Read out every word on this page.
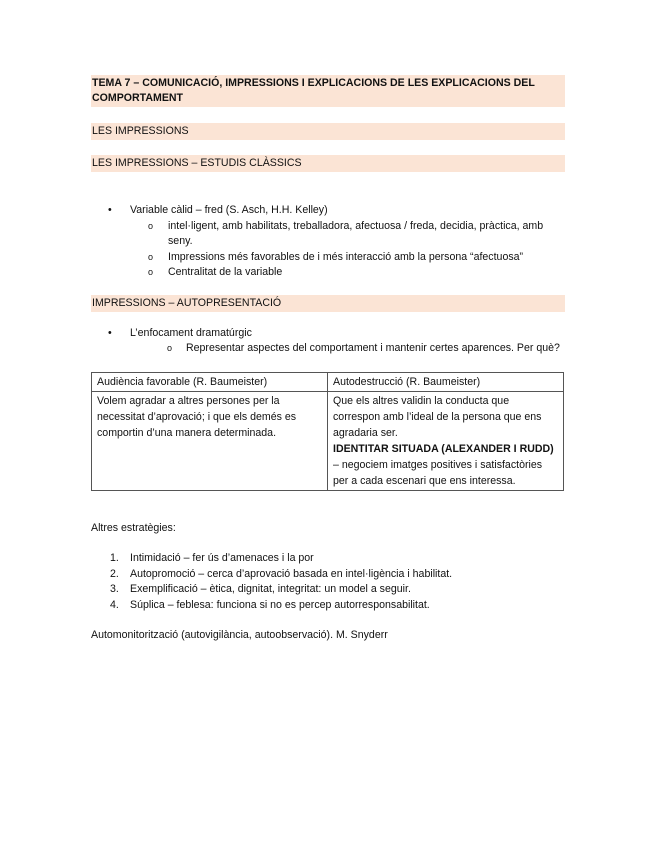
TEMA 7 – COMUNICACIÓ, IMPRESSIONS I EXPLICACIONS DE LES EXPLICACIONS DEL COMPORTAMENT
LES IMPRESSIONS
LES IMPRESSIONS – ESTUDIS CLÀSSICS
• Variable càlid – fred (S. Asch, H.H. Kelley)
o intel·ligent, amb habilitats, treballadora, afectuosa / freda, decidia, pràctica, amb seny.
o Impressions més favorables de i més interacció amb la persona “afectuosa”
o Centralitat de la variable
IMPRESSIONS – AUTOPRESENTACIÓ
• L’enfocament dramatúrgic
o Representar aspectes del comportament i mantenir certes aparences. Per què?
Audiència favorable (R. Baumeister)	Autodestrucció (R. Baumeister)
Volem agradar a altres persones per la necessitat d’aprovació; i que els demés es comportin d’una manera determinada.	Que els altres validin la conducta que correspon amb l’ideal de la persona que ens agradaria ser.
IDENTITAR SITUADA (ALEXANDER I RUDD)
– negociem imatges positives i satisfactòries per a cada escenari que ens interessa.
Altres estratègies:
1. Intimidació – fer ús d’amenaces i la por
2. Autopromoció – cerca d’aprovació basada en intel·ligència i habilitat.
3. Exemplificació – ètica, dignitat, integritat: un model a seguir.
4. Súplica – feblesa: funciona si no es percep autorresponsabilitat.
Automonitorització (autovigilància, autoobservació). M. Snyderr
